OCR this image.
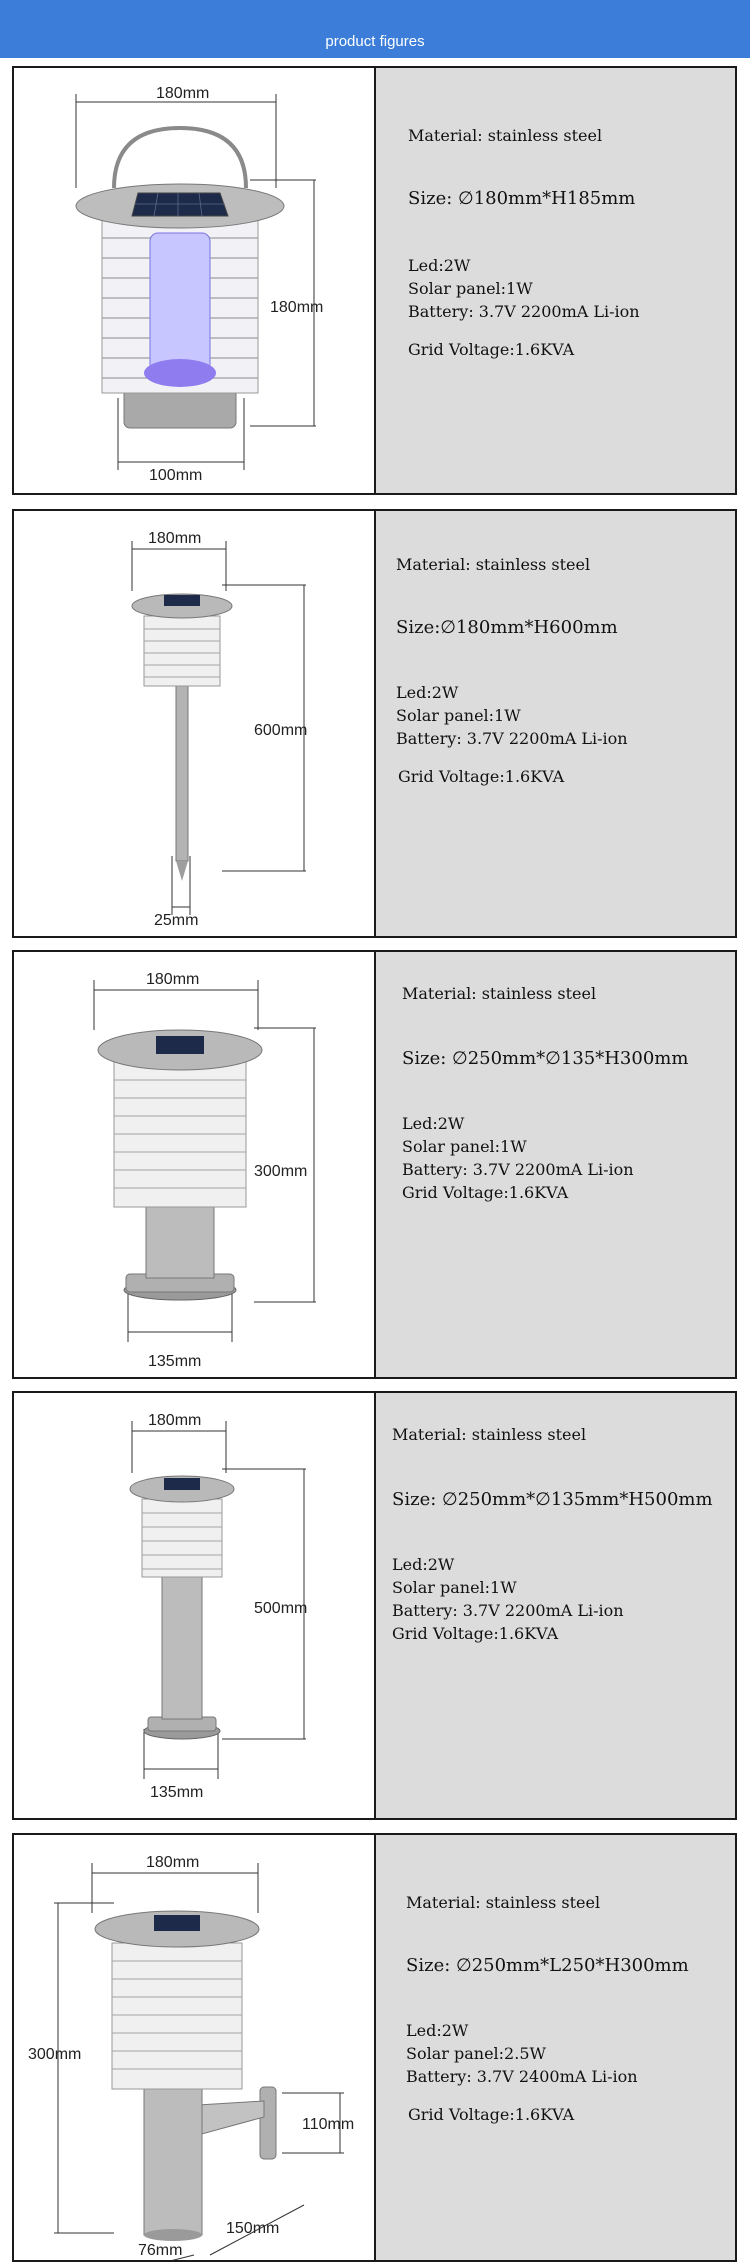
product figures
180mm
180mm
100mm

Material: stainless steel

Size: ∅180mm*H185mm

Led:2W
Solar panel:1W
Battery: 3.7V 2200mA Li-ion

Grid Voltage:1.6KVA

180mm
600mm
25mm

Material: stainless steel

Size:∅180mm*H600mm

Led:2W
Solar panel:1W
Battery: 3.7V 2200mA Li-ion

Grid Voltage:1.6KVA

180mm
300mm
135mm

Material: stainless steel

Size: ∅250mm*∅135*H300mm

Led:2W
Solar panel:1W
Battery: 3.7V 2200mA Li-ion
Grid Voltage:1.6KVA

180mm
500mm
135mm

Material: stainless steel

Size: ∅250mm*∅135mm*H500mm

Led:2W
Solar panel:1W
Battery: 3.7V 2200mA Li-ion
Grid Voltage:1.6KVA

180mm
300mm
110mm
150mm
76mm

Material: stainless steel

Size: ∅250mm*L250*H300mm

Led:2W
Solar panel:2.5W
Battery: 3.7V 2400mA Li-ion

Grid Voltage:1.6KVA
